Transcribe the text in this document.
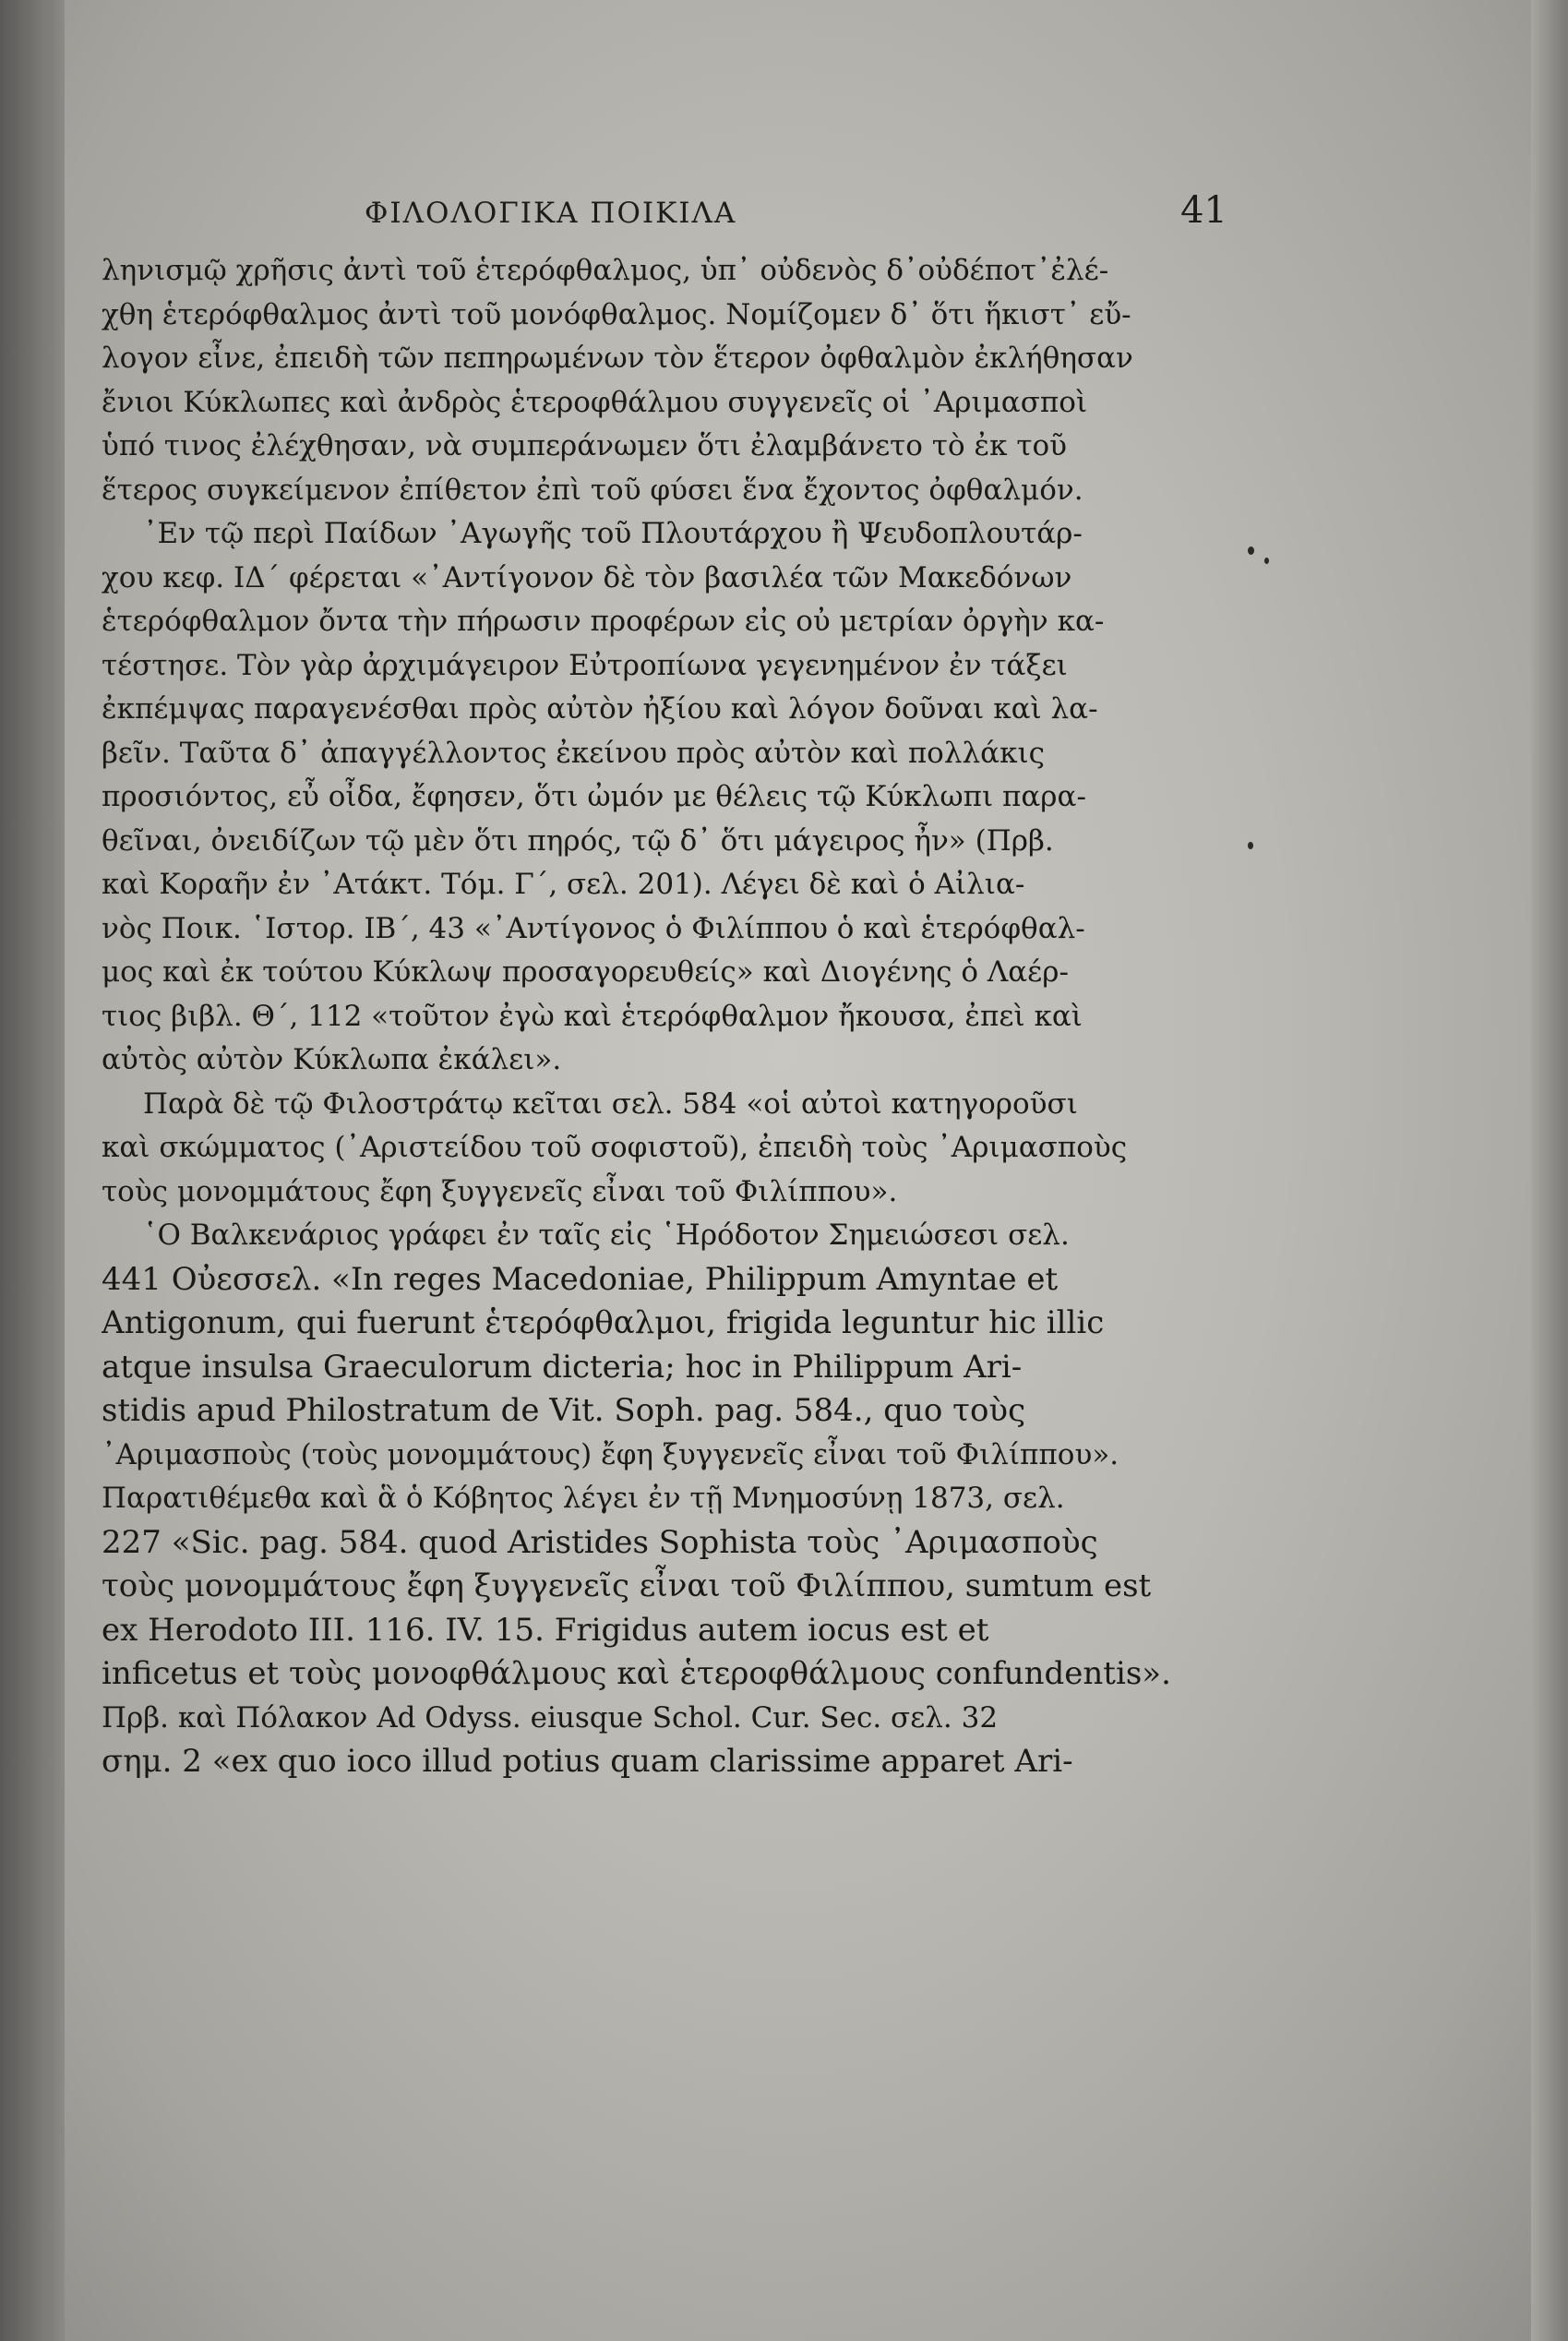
ΦΙΛΟΛΟΓΙΚΑ ΠΟΙΚΙΛΑ	41
ληνισμῷ χρῆσις ἀντὶ τοῦ ἑτερόφθαλμος, ὑπ᾿ οὐδενὸς δ᾿οὐδέποτ᾿ἐλέ-
χθη ἑτερόφθαλμος ἀντὶ τοῦ μονόφθαλμος. Νομίζομεν δ᾿ ὅτι ἥκιστ᾿ εὔ-
λογον εἶνε, ἐπειδὴ τῶν πεπηρωμένων τὸν ἕτερον ὀφθαλμὸν ἐκλήθησαν
ἔνιοι Κύκλωπες καὶ ἀνδρὸς ἑτεροφθάλμου συγγενεῖς οἱ ᾿Αριμασποὶ
ὑπό τινος ἐλέχθησαν, νὰ συμπεράνωμεν ὅτι ἐλαμβάνετο τὸ ἐκ τοῦ
ἕτερος συγκείμενον ἐπίθετον ἐπὶ τοῦ φύσει ἕνα ἔχοντος ὀφθαλμόν.
᾿Εν τῷ περὶ Παίδων ᾿Αγωγῆς τοῦ Πλουτάρχου ἢ Ψευδοπλουτάρ-
χου κεφ. ΙΔ΄ φέρεται «᾿Αντίγονον δὲ τὸν βασιλέα τῶν Μακεδόνων
ἑτερόφθαλμον ὄντα τὴν πήρωσιν προφέρων εἰς οὐ μετρίαν ὀργὴν κα-
τέστησε. Τὸν γὰρ ἀρχιμάγειρον Εὐτροπίωνα γεγενημένον ἐν τάξει
ἐκπέμψας παραγενέσθαι πρὸς αὐτὸν ἠξίου καὶ λόγον δοῦναι καὶ λα-
βεῖν. Ταῦτα δ᾿ ἀπαγγέλλοντος ἐκείνου πρὸς αὐτὸν καὶ πολλάκις
προσιόντος, εὖ οἶδα, ἔφησεν, ὅτι ὠμόν με θέλεις τῷ Κύκλωπι παρα-
θεῖναι, ὀνειδίζων τῷ μὲν ὅτι πηρός, τῷ δ᾿ ὅτι μάγειρος ἦν» (Πρβ.
καὶ Κοραῆν ἐν ᾿Ατάκτ. Τόμ. Γ΄, σελ. 201). Λέγει δὲ καὶ ὁ Αἰλια-
νὸς Ποικ. ῾Ιστορ. ΙΒ΄, 43 «᾿Αντίγονος ὁ Φιλίππου ὁ καὶ ἑτερόφθαλ-
μος καὶ ἐκ τούτου Κύκλωψ προσαγορευθείς» καὶ Διογένης ὁ Λαέρ-
τιος βιβλ. Θ΄, 112 «τοῦτον ἐγὼ καὶ ἑτερόφθαλμον ἤκουσα, ἐπεὶ καὶ
αὐτὸς αὐτὸν Κύκλωπα ἐκάλει».
Παρὰ δὲ τῷ Φιλοστράτῳ κεῖται σελ. 584 «οἱ αὐτοὶ κατηγοροῦσι
καὶ σκώμματος (᾿Αριστείδου τοῦ σοφιστοῦ), ἐπειδὴ τοὺς ᾿Αριμασποὺς
τοὺς μονομμάτους ἔφη ξυγγενεῖς εἶναι τοῦ Φιλίππου».
῾Ο Βαλκενάριος γράφει ἐν ταῖς εἰς ῾Ηρόδοτον Σημειώσεσι σελ.
441 Οὐεσσελ. «In reges Macedoniae, Philippum Amyntae et
Antigonum, qui fuerunt ἑτερόφθαλμοι, frigida leguntur hic illic
atque insulsa Graeculorum dicteria; hoc in Philippum Ari-
stidis apud Philostratum de Vit. Soph. pag. 584., quo τοὺς
᾿Αριμασποὺς (τοὺς μονομμάτους) ἔφη ξυγγενεῖς εἶναι τοῦ Φιλίππου».
Παρατιθέμεθα καὶ ἃ ὁ Κόβητος λέγει ἐν τῇ Μνημοσύνῃ 1873, σελ.
227 «Sic. pag. 584. quod Aristides Sophista τοὺς ᾿Αριμασποὺς
τοὺς μονομμάτους ἔφη ξυγγενεῖς εἶναι τοῦ Φιλίππου, sumtum est
ex Herodoto III. 116. IV. 15. Frigidus autem iocus est et
inficetus et τοὺς μονοφθάλμους καὶ ἑτεροφθάλμους confundentis».
Πρβ. καὶ Πόλακον Ad Odyss. eiusque Schol. Cur. Sec. σελ. 32
σημ. 2 «ex quo ioco illud potius quam clarissime apparet Ari-
